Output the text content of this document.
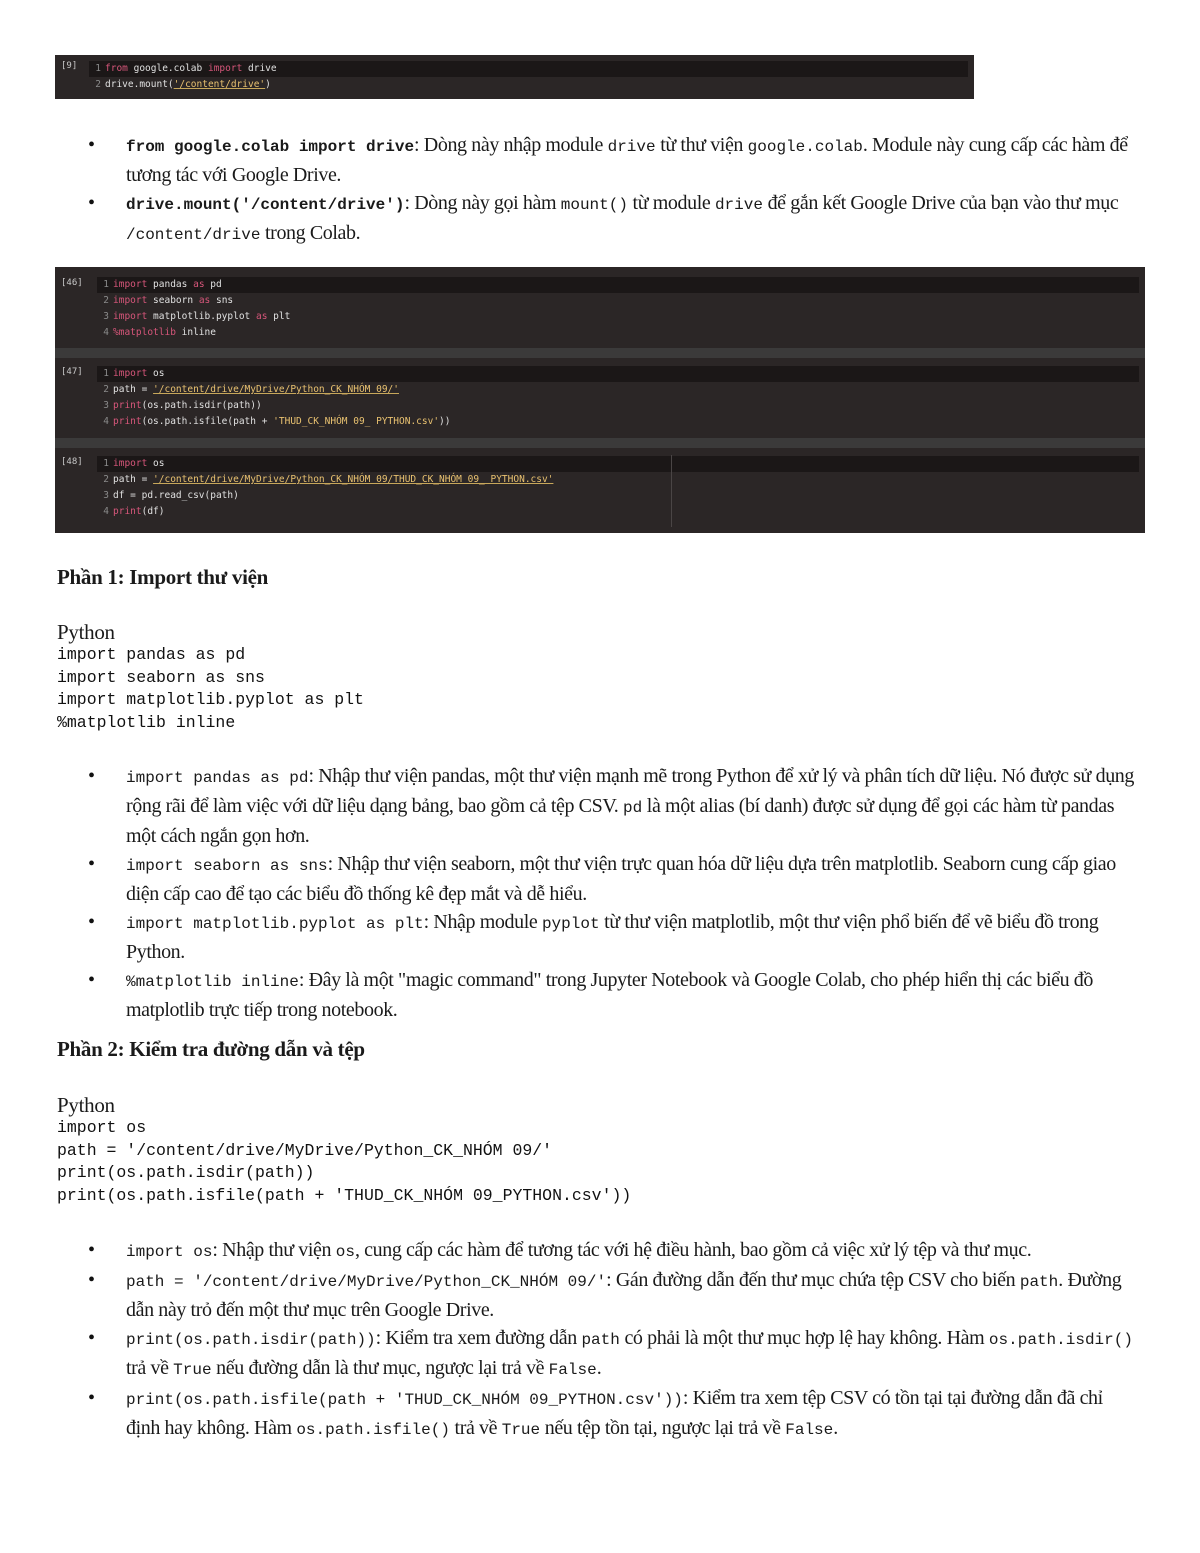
[9]	1 from google.colab import drive
2 drive.mount('/content/drive')
• from google.colab import drive: Dòng này nhập module drive từ thư viện google.colab. Module này cung cấp các hàm để tương tác với Google Drive.
• drive.mount('/content/drive'): Dòng này gọi hàm mount() từ module drive để gắn kết Google Drive của bạn vào thư mục /content/drive trong Colab.
[46]	1 import pandas as pd
2 import seaborn as sns
3 import matplotlib.pyplot as plt
4 %matplotlib inline
[47]	1 import os
2 path = '/content/drive/MyDrive/Python_CK_NHÓM 09/'
3 print(os.path.isdir(path))
4 print(os.path.isfile(path + 'THUD_CK_NHÓM 09_ PYTHON.csv'))
[48]	1 import os
2 path = '/content/drive/MyDrive/Python_CK_NHÓM 09/THUD_CK_NHÓM 09_ PYTHON.csv'
3 df = pd.read_csv(path)
4 print(df)
Phần 1: Import thư viện
Python
import pandas as pd
import seaborn as sns
import matplotlib.pyplot as plt
%matplotlib inline
• import pandas as pd: Nhập thư viện pandas, một thư viện mạnh mẽ trong Python để xử lý và phân tích dữ liệu. Nó được sử dụng rộng rãi để làm việc với dữ liệu dạng bảng, bao gồm cả tệp CSV. pd là một alias (bí danh) được sử dụng để gọi các hàm từ pandas một cách ngắn gọn hơn.
• import seaborn as sns: Nhập thư viện seaborn, một thư viện trực quan hóa dữ liệu dựa trên matplotlib. Seaborn cung cấp giao diện cấp cao để tạo các biểu đồ thống kê đẹp mắt và dễ hiểu.
• import matplotlib.pyplot as plt: Nhập module pyplot từ thư viện matplotlib, một thư viện phổ biến để vẽ biểu đồ trong Python.
• %matplotlib inline: Đây là một "magic command" trong Jupyter Notebook và Google Colab, cho phép hiển thị các biểu đồ matplotlib trực tiếp trong notebook.
Phần 2: Kiểm tra đường dẫn và tệp
Python
import os
path = '/content/drive/MyDrive/Python_CK_NHÓM 09/'
print(os.path.isdir(path))
print(os.path.isfile(path + 'THUD_CK_NHÓM 09_PYTHON.csv'))
• import os: Nhập thư viện os, cung cấp các hàm để tương tác với hệ điều hành, bao gồm cả việc xử lý tệp và thư mục.
• path = '/content/drive/MyDrive/Python_CK_NHÓM 09/': Gán đường dẫn đến thư mục chứa tệp CSV cho biến path. Đường dẫn này trỏ đến một thư mục trên Google Drive.
• print(os.path.isdir(path)): Kiểm tra xem đường dẫn path có phải là một thư mục hợp lệ hay không. Hàm os.path.isdir() trả về True nếu đường dẫn là thư mục, ngược lại trả về False.
• print(os.path.isfile(path + 'THUD_CK_NHÓM 09_PYTHON.csv')): Kiểm tra xem tệp CSV có tồn tại tại đường dẫn đã chỉ định hay không. Hàm os.path.isfile() trả về True nếu tệp tồn tại, ngược lại trả về False.
